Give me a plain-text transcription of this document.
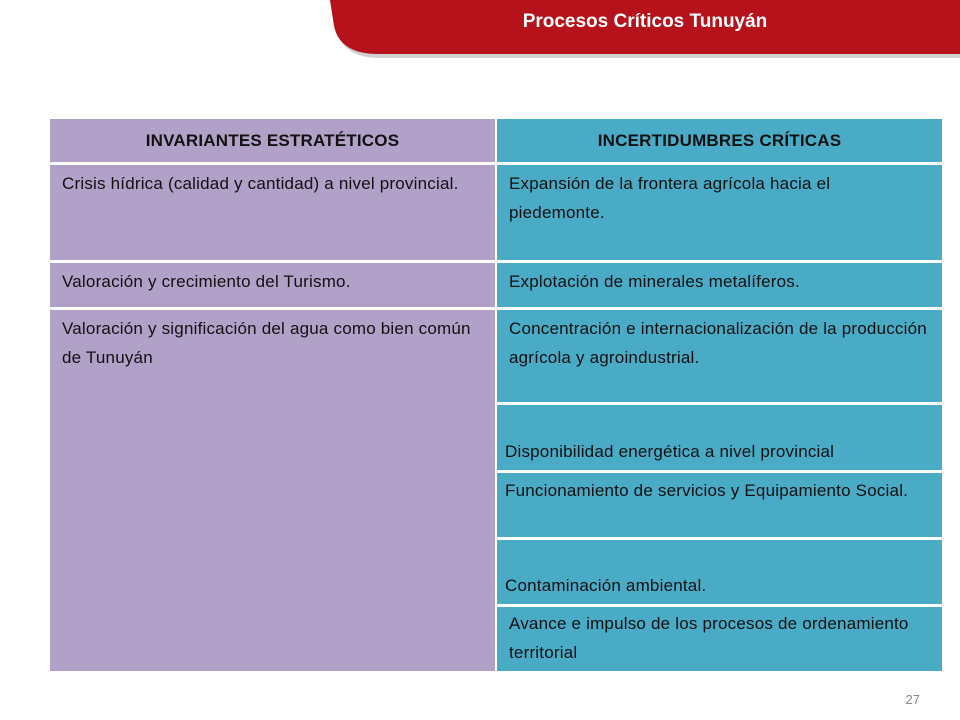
Procesos Críticos Tunuyán
INVARIANTES ESTRATÉTICOS	INCERTIDUMBRES CRÍTICAS
Crisis hídrica (calidad y cantidad) a nivel provincial.
Valoración y crecimiento del Turismo.
Valoración y significación del agua como bien común de Tunuyán
Expansión de la frontera agrícola hacia el piedemonte.
Explotación de minerales metalíferos.
Concentración e internacionalización de la producción agrícola y agroindustrial.
Disponibilidad energética a nivel provincial
Funcionamiento de servicios y Equipamiento Social.
Contaminación ambiental.
Avance e impulso de los procesos de ordenamiento territorial
27
